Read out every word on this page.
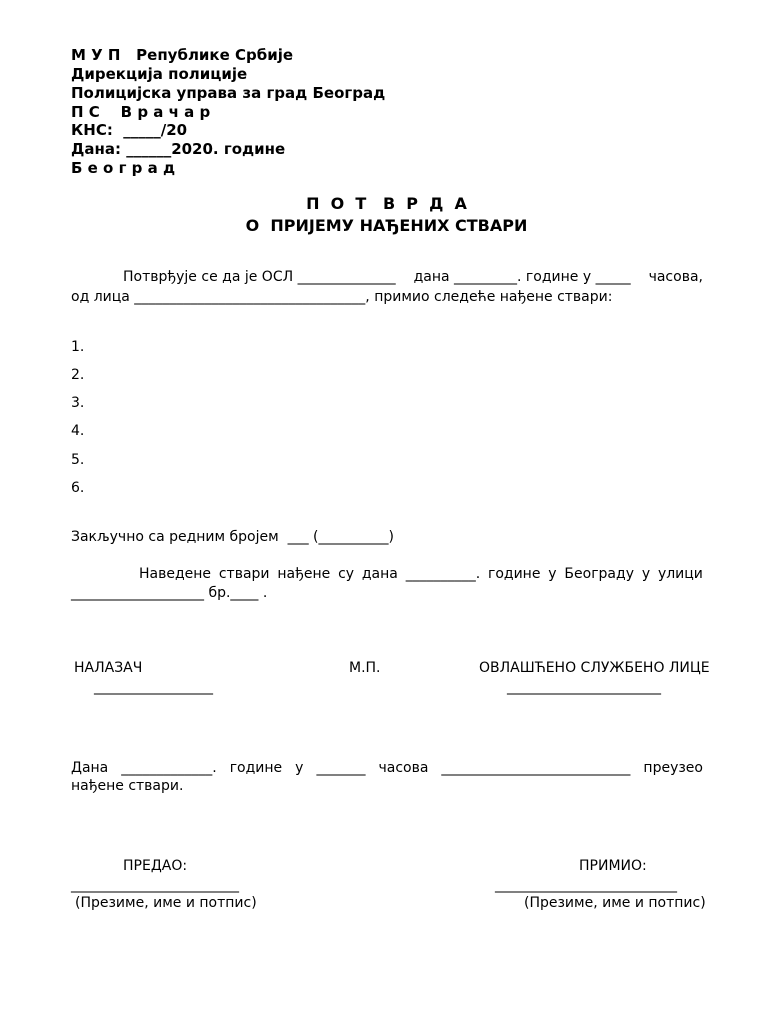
М У П   Републике Србије
Дирекција полиције
Полицијска управа за град Београд
П С    В р а ч а р
КНС:  _____/20
Дана: ______2020. године
Б е о г р а д
П  О  Т   В  Р  Д  А
О  ПРИЈЕМУ НАЂЕНИХ СТВАРИ
Потврђује се да је ОСЛ ______________ дана _________. године у _____ часова,
од лица _________________________________, примио следеће нађене ствари:
1.
2.
3.
4.
5.
6.
Закључно са редним бројем  ___ (__________)
Наведене ствари нађене су дана __________. године у Београду у улици
___________________ бр.____ .
НАЛАЗАЧ	М.П.	ОВЛАШЋЕНО СЛУЖБЕНО ЛИЦЕ
_________________	______________________
Дана _____________. године у _______ часова ___________________________ преузео
нађене ствари.
ПРЕДАО:	ПРИМИО:
________________________	__________________________
(Презиме, име и потпис)	(Презиме, име и потпис)
